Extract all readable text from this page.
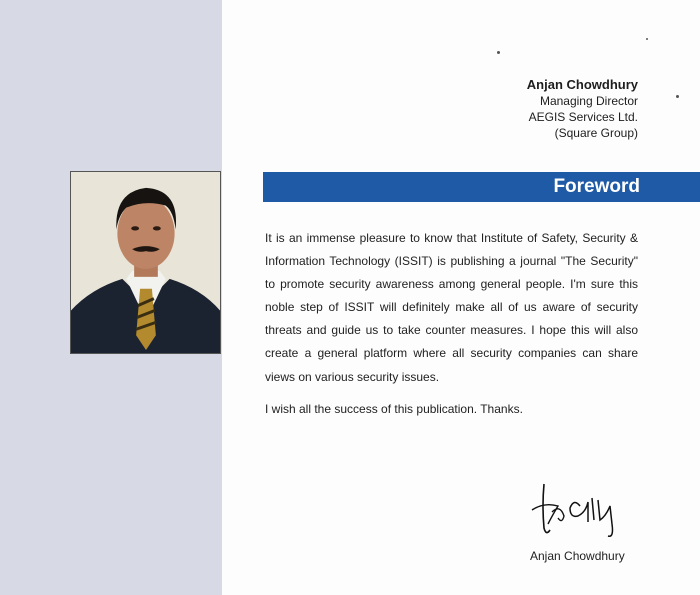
Anjan Chowdhury
Managing Director
AEGIS Services Ltd.
(Square Group)
Foreword

It is an immense pleasure to know that Institute of Safety, Security & Information Technology (ISSIT) is publishing a journal "The Security" to promote security awareness among general people. I'm sure this noble step of ISSIT will definitely make all of us aware of security threats and guide us to take counter measures. I hope this will also create a general platform where all security companies can share views on various security issues.

I wish all the success of this publication. Thanks.

Anjan Chowdhury
